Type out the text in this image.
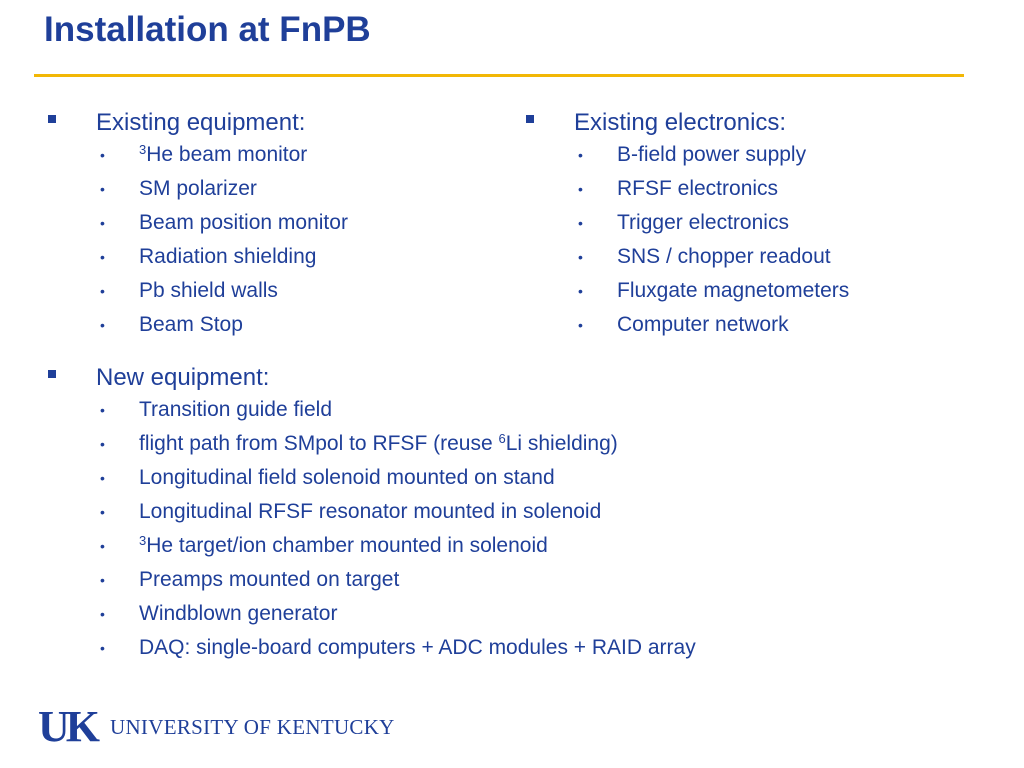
Installation at FnPB
Existing equipment:
•	$^3$He beam monitor
• SM polarizer
• Beam position monitor
• Radiation shielding
• Pb shield walls
• Beam Stop
Existing electronics:
• B-field power supply
• RFSF electronics
• Trigger electronics
• SNS / chopper readout
• Fluxgate magnetometers
• Computer network
New equipment:
• Transition guide field
• flight path from SMpol to RFSF (reuse $^6$Li shielding)
• Longitudinal field solenoid mounted on stand
• Longitudinal RFSF resonator mounted in solenoid
•	$^3$He target/ion chamber mounted in solenoid
• Preamps mounted on target
• Windblown generator
• DAQ: single-board computers + ADC modules + RAID array
UK UNIVERSITY OF KENTUCKY
